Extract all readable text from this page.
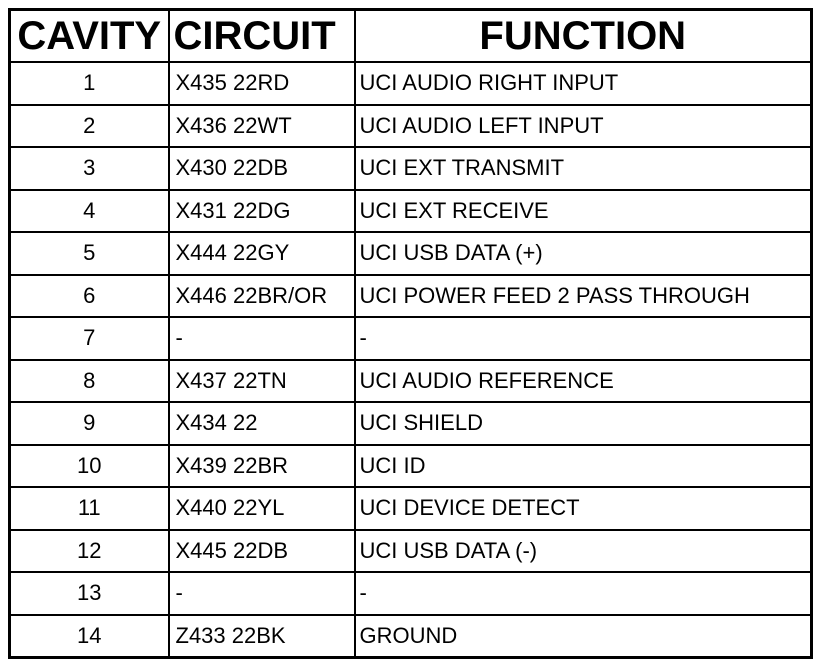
CAVITY	CIRCUIT	FUNCTION
1	X435 22RD	UCI AUDIO RIGHT INPUT
2	X436 22WT	UCI AUDIO LEFT INPUT
3	X430 22DB	UCI EXT TRANSMIT
4	X431 22DG	UCI EXT RECEIVE
5	X444 22GY	UCI USB DATA (+)
6	X446 22BR/OR	UCI POWER FEED 2 PASS THROUGH
7	-	-
8	X437 22TN	UCI AUDIO REFERENCE
9	X434 22	UCI SHIELD
10	X439 22BR	UCI ID
11	X440 22YL	UCI DEVICE DETECT
12	X445 22DB	UCI USB DATA (-)
13	-	-
14	Z433 22BK	GROUND
